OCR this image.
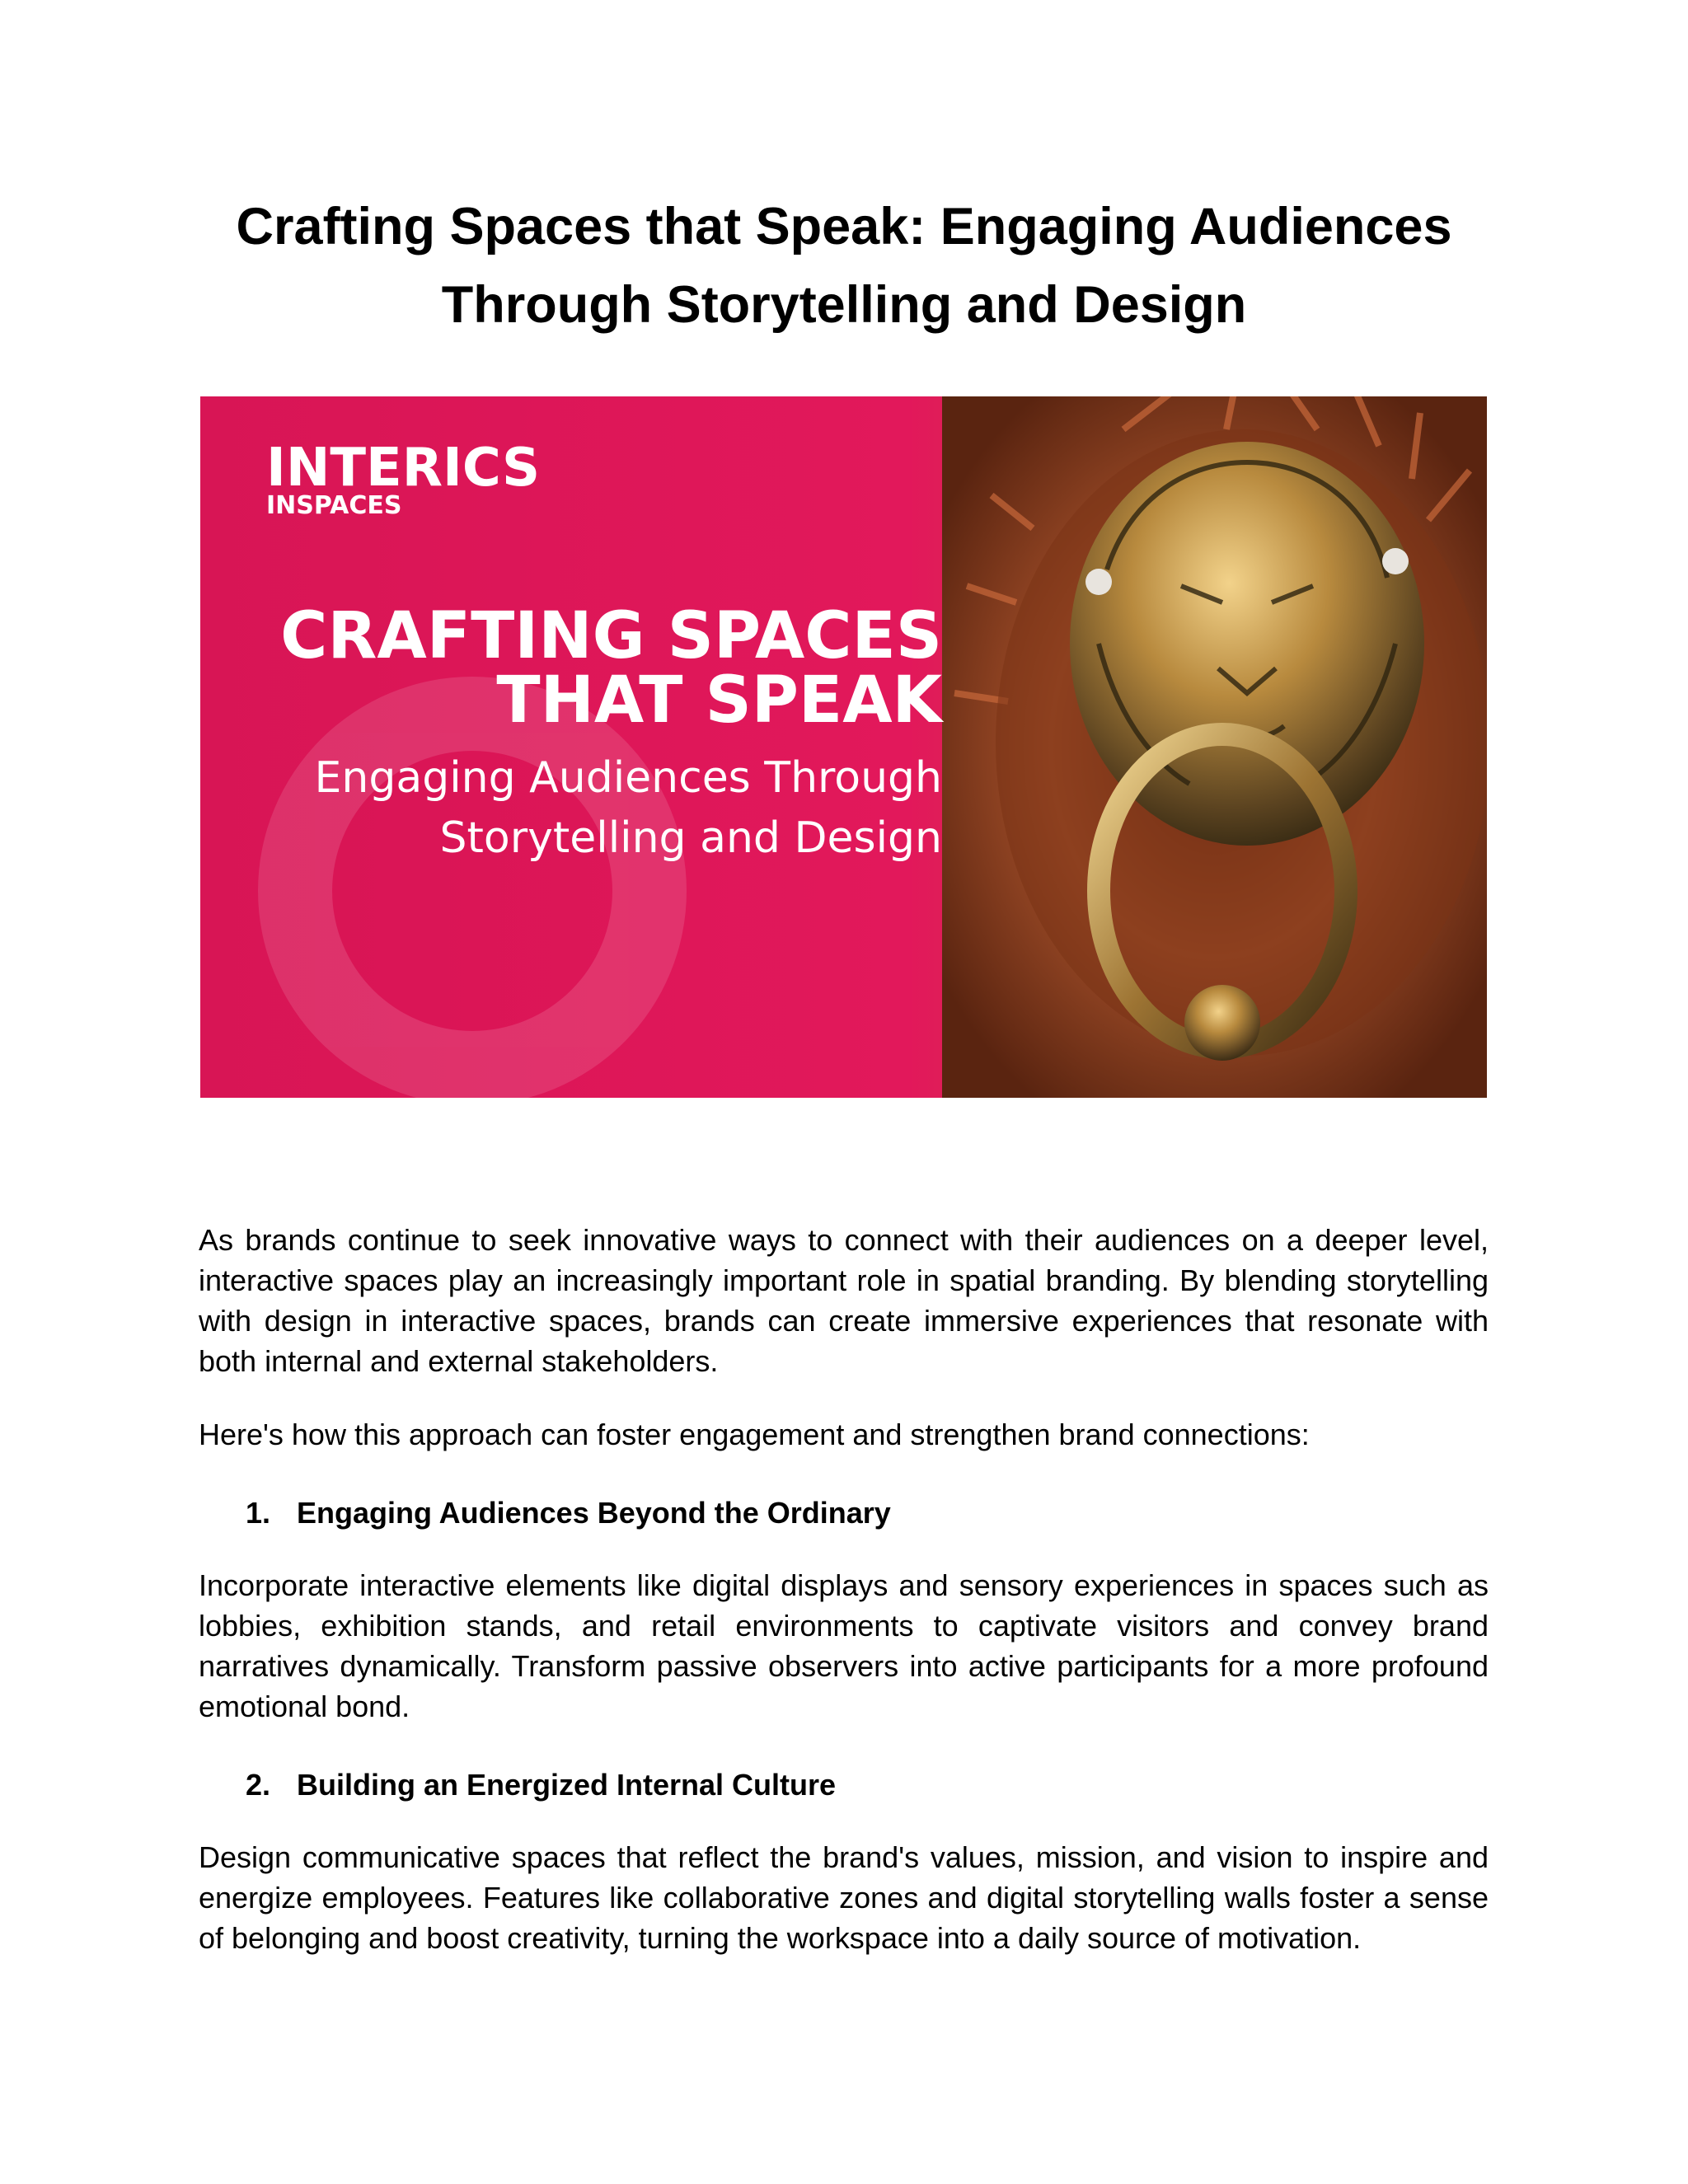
Crafting Spaces that Speak: Engaging Audiences Through Storytelling and Design
INTERICS
INSPACES
CRAFTING SPACES
THAT SPEAK
Engaging Audiences Through
Storytelling and Design

As brands continue to seek innovative ways to connect with their audiences on a deeper level, interactive spaces play an increasingly important role in spatial branding. By blending storytelling with design in interactive spaces, brands can create immersive experiences that resonate with both internal and external stakeholders.

Here's how this approach can foster engagement and strengthen brand connections:

1. Engaging Audiences Beyond the Ordinary

Incorporate interactive elements like digital displays and sensory experiences in spaces such as lobbies, exhibition stands, and retail environments to captivate visitors and convey brand narratives dynamically. Transform passive observers into active participants for a more profound emotional bond.

2. Building an Energized Internal Culture

Design communicative spaces that reflect the brand's values, mission, and vision to inspire and energize employees. Features like collaborative zones and digital storytelling walls foster a sense of belonging and boost creativity, turning the workspace into a daily source of motivation.
